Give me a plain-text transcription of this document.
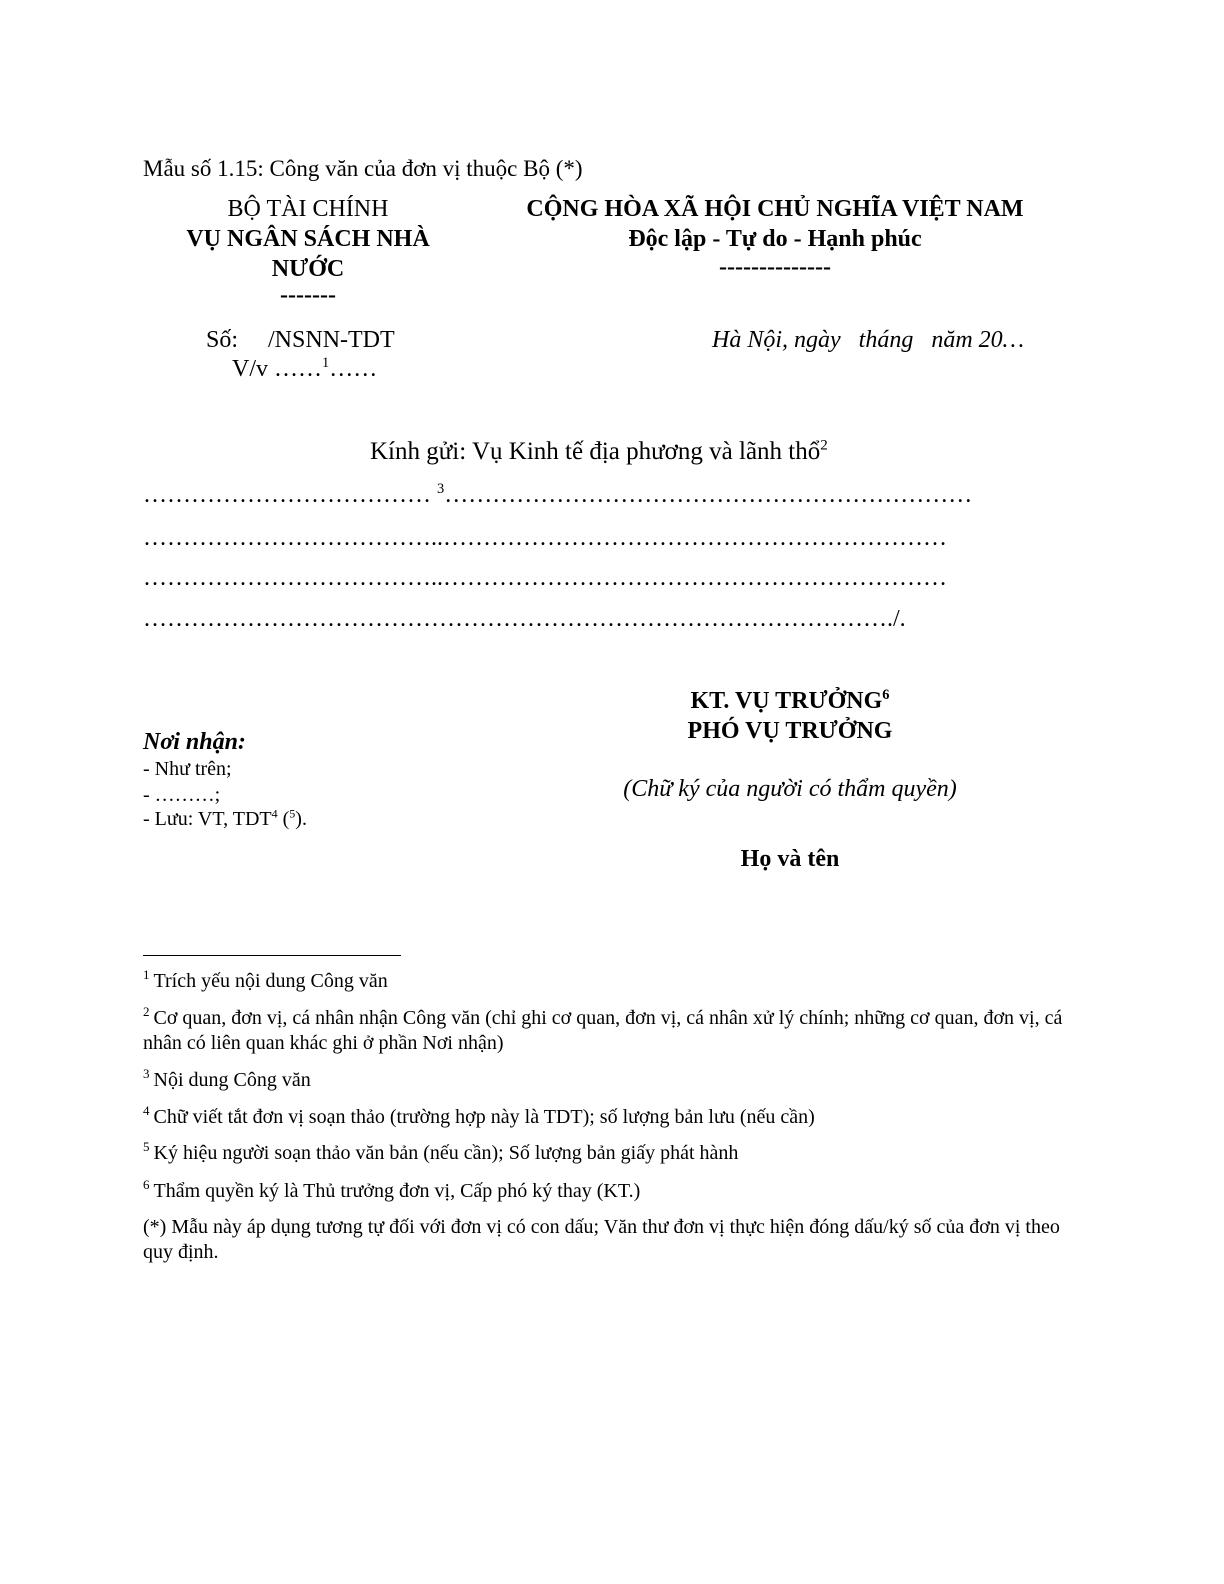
Mẫu số 1.15: Công văn của đơn vị thuộc Bộ (*)
BỘ TÀI CHÍNH
VỤ NGÂN SÁCH NHÀ
NƯỚC
-------
Số: /NSNN-TDT
V/v ……$^1$……
CỘNG HÒA XÃ HỘI CHỦ NGHĨA VIỆT NAM
Độc lập - Tự do - Hạnh phúc
--------------
Hà Nội, ngày   tháng   năm 20…
Kính gửi: Vụ Kinh tế địa phương và lãnh thổ$^2$
……………………………… $^3$…………………………………………………………
………………………………..………………………………………………………
………………………………..………………………………………………………
…………………………………………………………………………………./.
Nơi nhận:
- Như trên;
- ………;
- Lưu: VT, TDT$^4$ ($^5$).
KT. VỤ TRƯỞNG$^6$
PHÓ VỤ TRƯỞNG
(Chữ ký của người có thẩm quyền)
Họ và tên
$^1$ Trích yếu nội dung Công văn
$^2$ Cơ quan, đơn vị, cá nhân nhận Công văn (chỉ ghi cơ quan, đơn vị, cá nhân xử lý chính; những cơ quan, đơn vị, cá nhân có liên quan khác ghi ở phần Nơi nhận)
$^3$ Nội dung Công văn
$^4$ Chữ viết tắt đơn vị soạn thảo (trường hợp này là TDT); số lượng bản lưu (nếu cần)
$^5$ Ký hiệu người soạn thảo văn bản (nếu cần); Số lượng bản giấy phát hành
$^6$ Thẩm quyền ký là Thủ trưởng đơn vị, Cấp phó ký thay (KT.)
(*) Mẫu này áp dụng tương tự đối với đơn vị có con dấu; Văn thư đơn vị thực hiện đóng dấu/ký số của đơn vị theo quy định.
